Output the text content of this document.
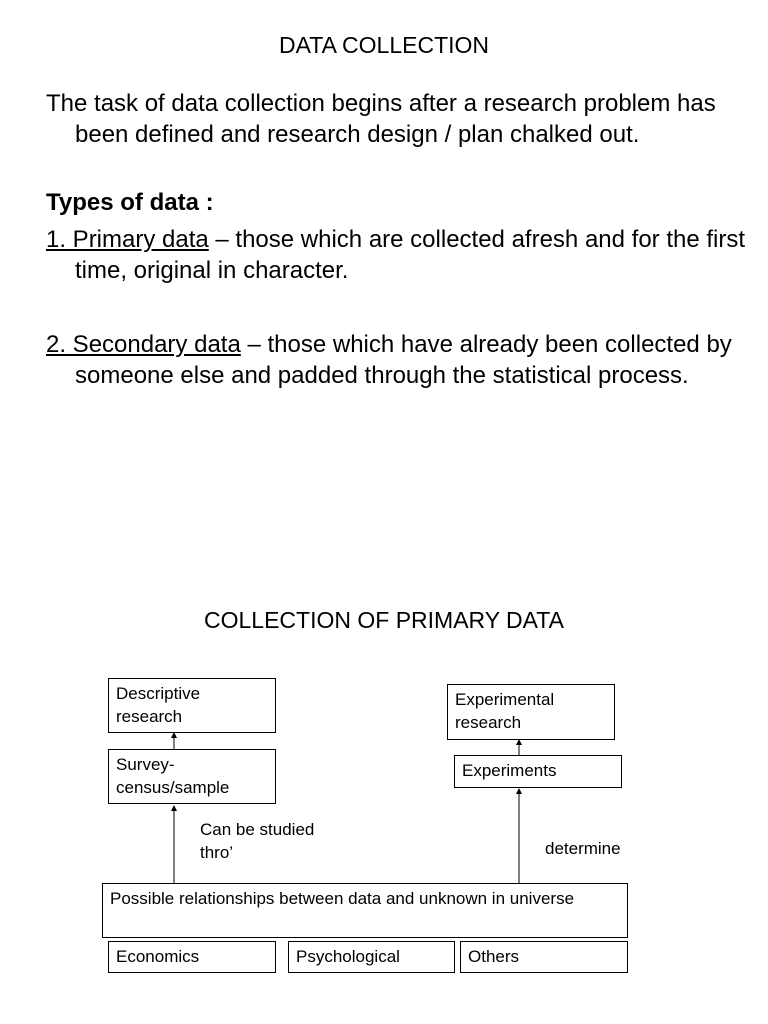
DATA COLLECTION
The task of data collection begins after a research problem has been defined and research design / plan chalked out.
Types of data :
1. Primary data – those which are collected afresh and for the first time, original in character.
2. Secondary data – those which have already been collected by someone else and padded through the statistical process.
COLLECTION OF PRIMARY DATA
Descriptive research
Survey-census/sample
Experimental research
Experiments
Possible relationships between data and unknown in universe
Economics	Psychological	Others
Can be studied thro’	determine
